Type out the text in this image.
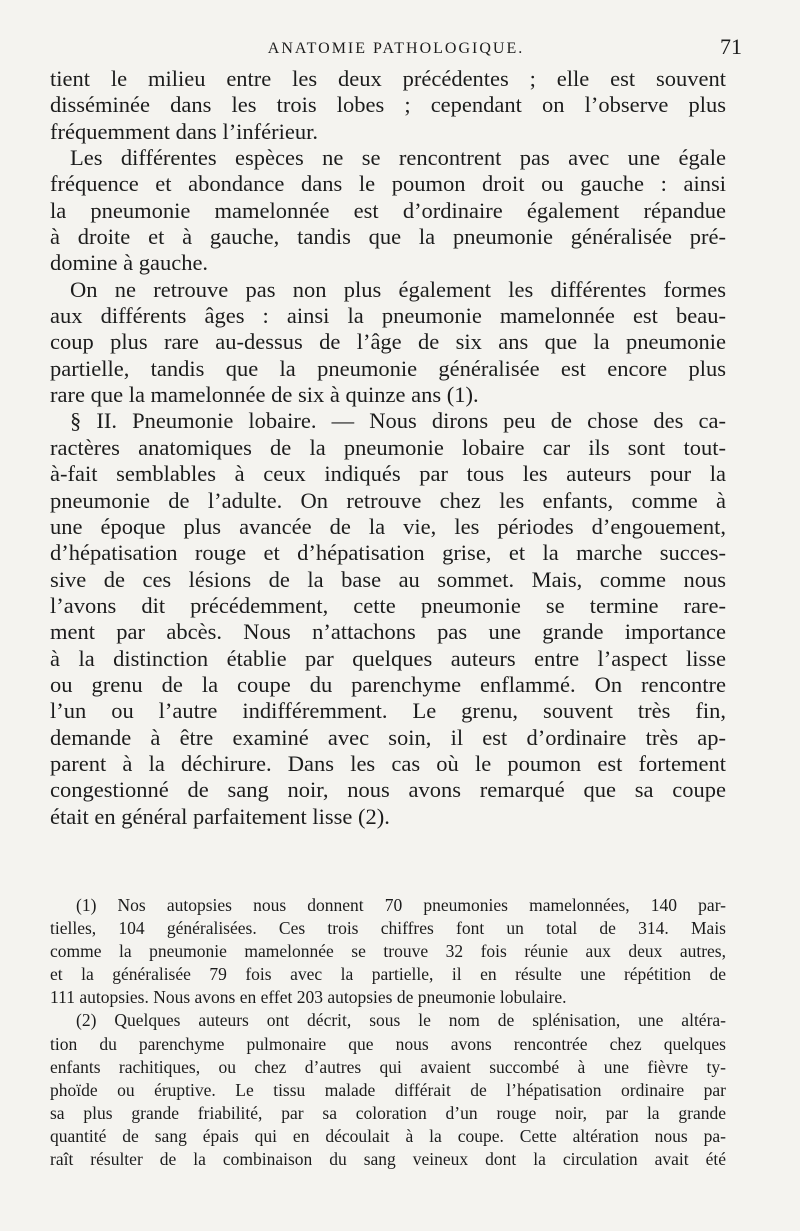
ANATOMIE PATHOLOGIQUE.	71
tient le milieu entre les deux précédentes ; elle est souvent
disséminée dans les trois lobes ; cependant on l’observe plus
fréquemment dans l’inférieur.
Les différentes espèces ne se rencontrent pas avec une égale
fréquence et abondance dans le poumon droit ou gauche : ainsi
la pneumonie mamelonnée est d’ordinaire également répandue
à droite et à gauche, tandis que la pneumonie généralisée pré-
domine à gauche.
On ne retrouve pas non plus également les différentes formes
aux différents âges : ainsi la pneumonie mamelonnée est beau-
coup plus rare au-dessus de l’âge de six ans que la pneumonie
partielle, tandis que la pneumonie généralisée est encore plus
rare que la mamelonnée de six à quinze ans (1).
§ II. Pneumonie lobaire. — Nous dirons peu de chose des ca-
ractères anatomiques de la pneumonie lobaire car ils sont tout-
à-fait semblables à ceux indiqués par tous les auteurs pour la
pneumonie de l’adulte. On retrouve chez les enfants, comme à
une époque plus avancée de la vie, les périodes d’engouement,
d’hépatisation rouge et d’hépatisation grise, et la marche succes-
sive de ces lésions de la base au sommet. Mais, comme nous
l’avons dit précédemment, cette pneumonie se termine rare-
ment par abcès. Nous n’attachons pas une grande importance
à la distinction établie par quelques auteurs entre l’aspect lisse
ou grenu de la coupe du parenchyme enflammé. On rencontre
l’un ou l’autre indifféremment. Le grenu, souvent très fin,
demande à être examiné avec soin, il est d’ordinaire très ap-
parent à la déchirure. Dans les cas où le poumon est fortement
congestionné de sang noir, nous avons remarqué que sa coupe
était en général parfaitement lisse (2).
(1) Nos autopsies nous donnent 70 pneumonies mamelonnées, 140 par-
tielles, 104 généralisées. Ces trois chiffres font un total de 314. Mais
comme la pneumonie mamelonnée se trouve 32 fois réunie aux deux autres,
et la généralisée 79 fois avec la partielle, il en résulte une répétition de
111 autopsies. Nous avons en effet 203 autopsies de pneumonie lobulaire.
(2) Quelques auteurs ont décrit, sous le nom de splénisation, une altéra-
tion du parenchyme pulmonaire que nous avons rencontrée chez quelques
enfants rachitiques, ou chez d’autres qui avaient succombé à une fièvre ty-
phoïde ou éruptive. Le tissu malade différait de l’hépatisation ordinaire par
sa plus grande friabilité, par sa coloration d’un rouge noir, par la grande
quantité de sang épais qui en découlait à la coupe. Cette altération nous pa-
raît résulter de la combinaison du sang veineux dont la circulation avait été
